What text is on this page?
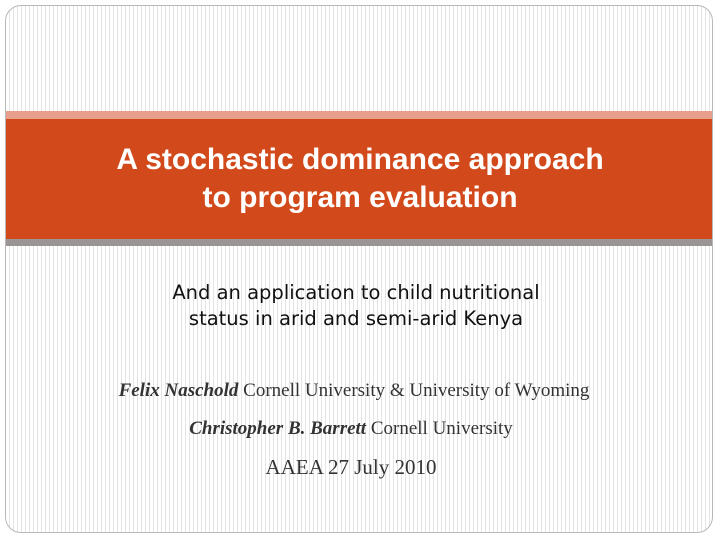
A stochastic dominance approach
to program evaluation
And an application to child nutritional
status in arid and semi-arid Kenya
Felix Naschold Cornell University & University of Wyoming
Christopher B. Barrett Cornell University
AAEA 27 July 2010
